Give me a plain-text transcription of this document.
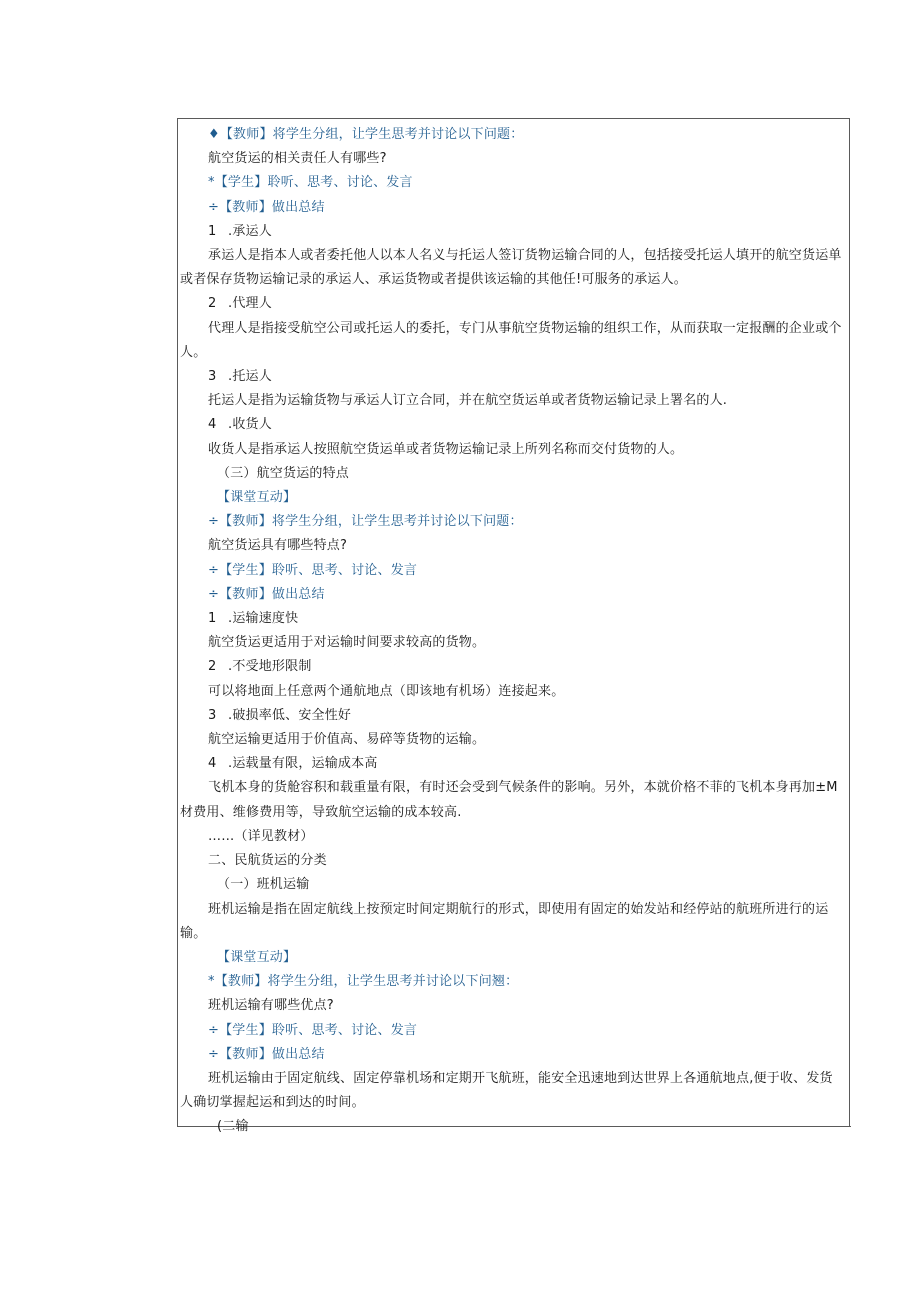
♦【教师】将学生分组，让学生思考并讨论以下问题：
航空货运的相关责任人有哪些?
*【学生】聆听、思考、讨论、发言
÷【教师】做出总结
1 .承运人
承运人是指本人或者委托他人以本人名义与托运人签订货物运输合同的人，包括接受托运人填开的航空货运单或者保存货物运输记录的承运人、承运货物或者提供该运输的其他任!可服务的承运人。
2 .代理人
代理人是指接受航空公司或托运人的委托，专门从事航空货物运输的组织工作，从而获取一定报酬的企业或个人。
3 .托运人
托运人是指为运输货物与承运人订立合同，并在航空货运单或者货物运输记录上署名的人.
4 .收货人
收货人是指承运人按照航空货运单或者货物运输记录上所列名称而交付货物的人。
（三）航空货运的特点
【课堂互动】
÷【教师】将学生分组，让学生思考并讨论以下问题：
航空货运具有哪些特点?
÷【学生】聆听、思考、讨论、发言
÷【教师】做出总结
1 .运输速度快
航空货运更适用于对运输时间要求较高的货物。
2 .不受地形限制
可以将地面上任意两个通航地点（即该地有机场）连接起来。
3 .破损率低、安全性好
航空运输更适用于价值高、易碎等货物的运输。
4 .运载量有限，运输成本高
飞机本身的货舱容积和载重量有限，有时还会受到气候条件的影响。另外，本就价格不菲的飞机本身再加±M材费用、维修费用等，导致航空运输的成本较高.
……（详见教材）
二、民航货运的分类
（一）班机运输
班机运输是指在固定航线上按预定时间定期航行的形式，即使用有固定的始发站和经停站的航班所进行的运输。
【课堂互动】
*【教师】将学生分组，让学生思考并讨论以下问翘：
班机运输有哪些优点?
÷【学生】聆听、思考、讨论、发言
÷【教师】做出总结
班机运输由于固定航线、固定停靠机场和定期开飞航班，能安全迅速地到达世界上各通航地点,便于收、发货人确切掌握起运和到达的时间。
(二输
